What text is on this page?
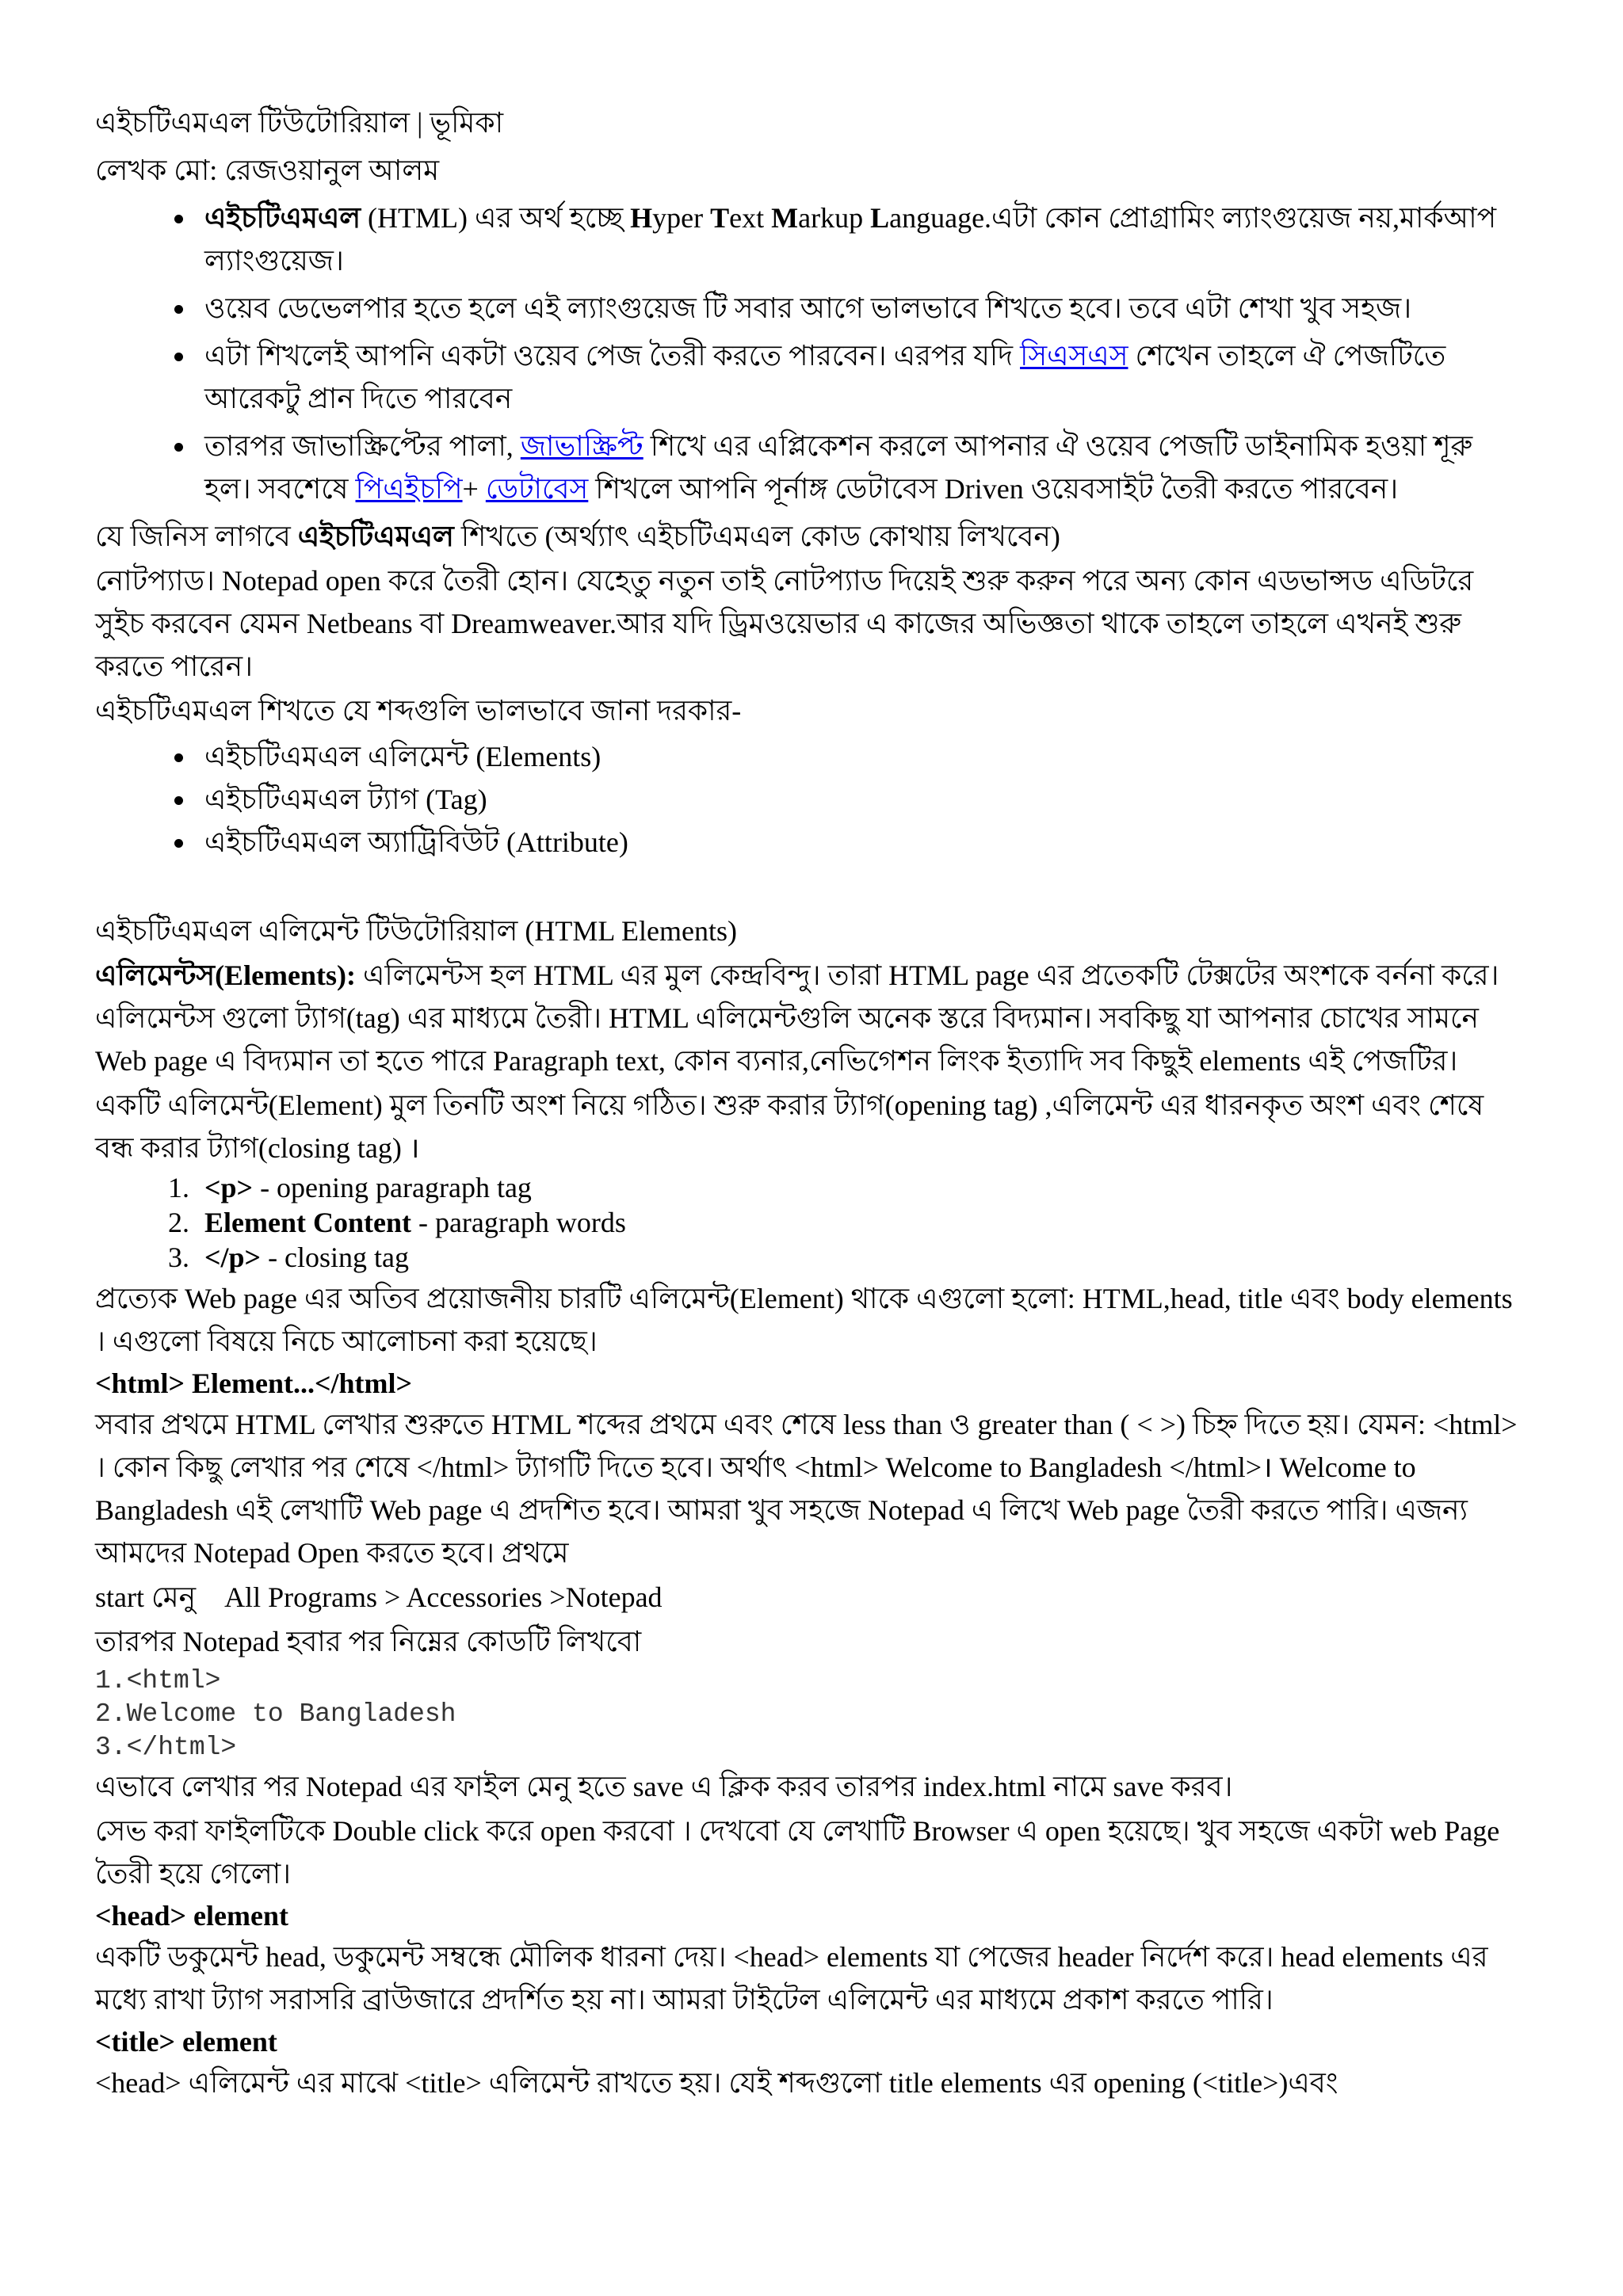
এইচটিএমএল টিউটোরিয়াল | ভূমিকা

লেখক মো: রেজওয়ানুল আলম

• এইচটিএমএল (HTML) এর অর্থ হচ্ছে Hyper Text Markup Language.এটা কোন প্রোগ্রামিং ল্যাংগুয়েজ নয়,মার্কআপ ল্যাংগুয়েজ।
• ওয়েব ডেভেলপার হতে হলে এই ল্যাংগুয়েজ টি সবার আগে ভালভাবে শিখতে হবে। তবে এটা শেখা খুব সহজ।
• এটা শিখলেই আপনি একটা ওয়েব পেজ তৈরী করতে পারবেন। এরপর যদি সিএসএস শেখেন তাহলে ঐ পেজটিতে আরেকটু প্রান দিতে পারবেন
• তারপর জাভাস্ক্রিপ্টের পালা, জাভাস্ক্রিপ্ট শিখে এর এপ্লিকেশন করলে আপনার ঐ ওয়েব পেজটি ডাইনামিক হওয়া শূরু হল। সবশেষে পিএইচপি+ ডেটাবেস শিখলে আপনি পূর্নাঙ্গ ডেটাবেস Driven ওয়েবসাইট তৈরী করতে পারবেন।

যে জিনিস লাগবে এইচটিএমএল শিখতে (অর্থ্যাৎ এইচটিএমএল কোড কোথায় লিখবেন)

নোটপ্যাড। Notepad open করে তৈরী হোন। যেহেতু নতুন তাই নোটপ্যাড দিয়েই শুরু করুন পরে অন্য কোন এডভান্সড এডিটরে সুইচ করবেন যেমন Netbeans বা Dreamweaver.আর যদি ড্রিমওয়েভার এ কাজের অভিজ্ঞতা থাকে তাহলে তাহলে এখনই শুরু করতে পারেন।

এইচটিএমএল শিখতে যে শব্দগুলি ভালভাবে জানা দরকার-

• এইচটিএমএল এলিমেন্ট (Elements)
• এইচটিএমএল ট্যাগ (Tag)
• এইচটিএমএল অ্যাট্রিবিউট (Attribute)

এইচটিএমএল এলিমেন্ট টিউটোরিয়াল (HTML Elements)

এলিমেন্টস(Elements): এলিমেন্টস হল HTML এর মুল কেন্দ্রবিন্দু। তারা HTML page এর প্রতেকটি টেক্সটের অংশকে বর্ননা করে। এলিমেন্টস গুলো ট্যাগ(tag) এর মাধ্যমে তৈরী। HTML এলিমেন্টগুলি অনেক স্তরে বিদ্যমান। সবকিছু যা আপনার চোখের সামনে Web page এ বিদ্যমান তা হতে পারে Paragraph text, কোন ব্যনার,নেভিগেশন লিংক ইত্যাদি সব কিছুই elements এই পেজটির।

একটি এলিমেন্ট(Element) মুল তিনটি অংশ নিয়ে গঠিত। শুরু করার ট্যাগ(opening tag) ,এলিমেন্ট এর ধারনকৃত অংশ এবং শেষে বন্ধ করার ট্যাগ(closing tag) ।

1. <p> - opening paragraph tag
2. Element Content - paragraph words
3. </p> - closing tag

প্রত্যেক Web page এর অতিব প্রয়োজনীয় চারটি এলিমেন্ট(Element) থাকে এগুলো হলো: HTML,head, title এবং body elements । এগুলো বিষয়ে নিচে আলোচনা করা হয়েছে।

<html> Element...</html>

সবার প্রথমে HTML লেখার শুরুতে HTML শব্দের প্রথমে এবং শেষে less than ও greater than ( < >) চিহ্ন দিতে হয়। যেমন: <html> । কোন কিছু লেখার পর শেষে </html> ট্যাগটি দিতে হবে। অর্থাৎ <html> Welcome to Bangladesh </html>। Welcome to Bangladesh এই লেখাটি Web page এ প্রদশিত হবে। আমরা খুব সহজে Notepad এ লিখে Web page তৈরী করতে পারি। এজন্য আমদের Notepad Open করতে হবে। প্রথমে

start মেনু    All Programs > Accessories >Notepad

তারপর Notepad হবার পর নিম্নের কোডটি লিখবো

1.<html>
2.Welcome to Bangladesh
3.</html>

এভাবে লেখার পর Notepad এর ফাইল মেনু হতে save এ ক্লিক করব তারপর index.html নামে save করব।

সেভ করা ফাইলটিকে Double click করে open করবো । দেখবো যে লেখাটি Browser এ open হয়েছে। খুব সহজে একটা web Page তৈরী হয়ে গেলো।

<head> element

একটি ডকুমেন্ট head, ডকুমেন্ট সম্বন্ধে মৌলিক ধারনা দেয়। <head> elements যা পেজের header নির্দেশ করে। head elements এর মধ্যে রাখা ট্যাগ সরাসরি ব্রাউজারে প্রদর্শিত হয় না। আমরা টাইটেল এলিমেন্ট এর মাধ্যমে প্রকাশ করতে পারি।

<title> element

<head> এলিমেন্ট এর মাঝে <title> এলিমেন্ট রাখতে হয়। যেই শব্দগুলো title elements এর opening (<title>)এবং
